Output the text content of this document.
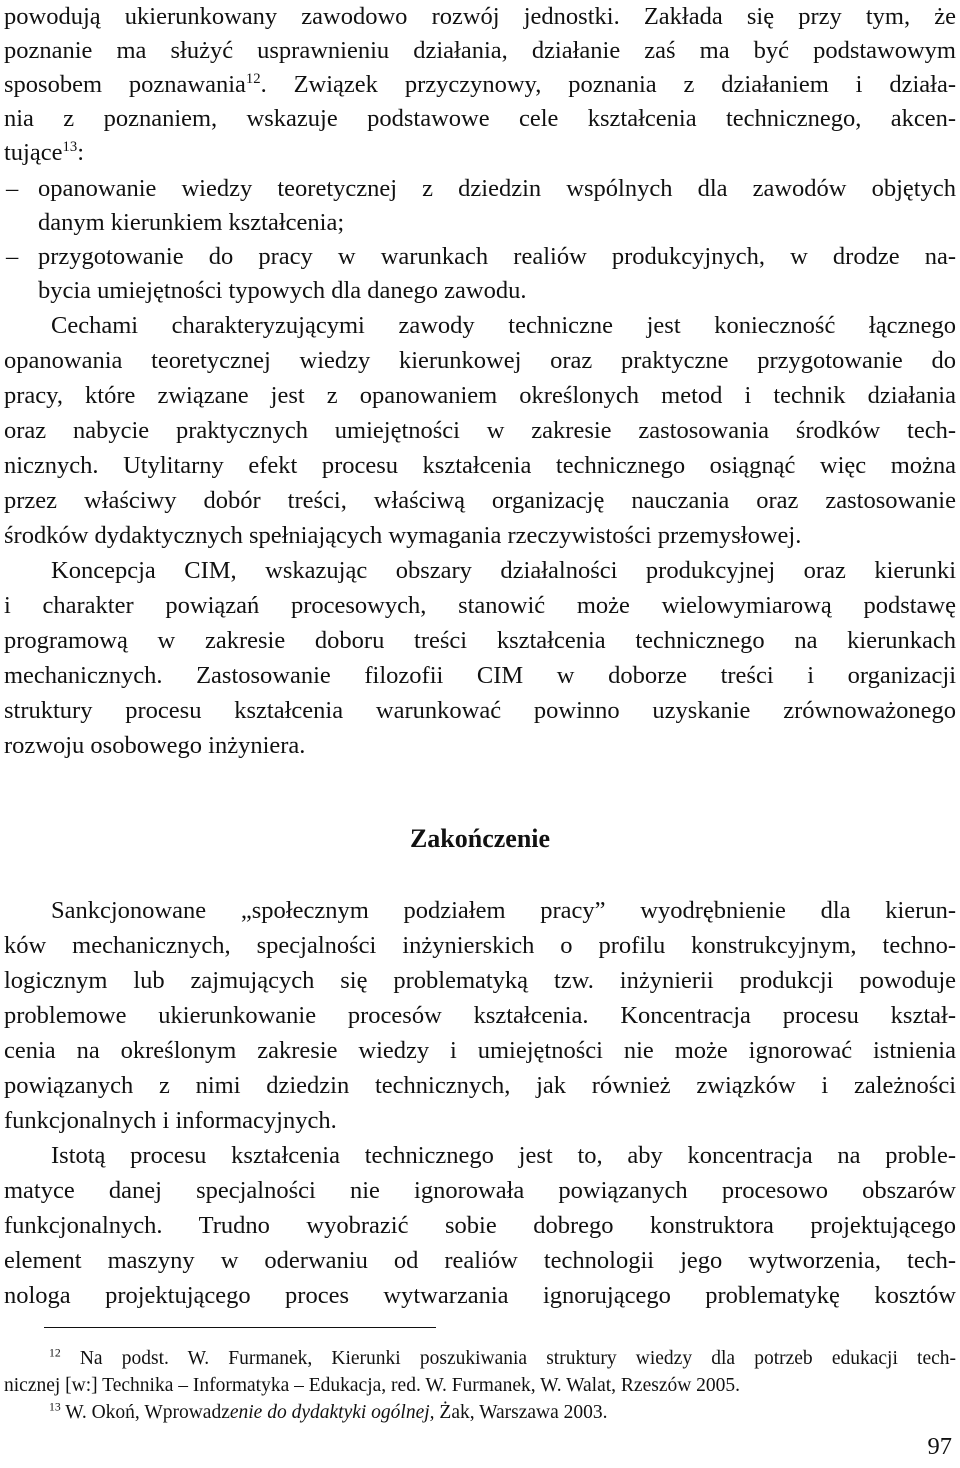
powodują ukierunkowany zawodowo rozwój jednostki. Zakłada się przy tym, że
poznanie ma służyć usprawnieniu działania, działanie zaś ma być podstawowym
sposobem poznawania$^{12}$. Związek przyczynowy, poznania z działaniem i działa-
nia z poznaniem, wskazuje podstawowe cele kształcenia technicznego, akcen-
tujące$^{13}$:
– opanowanie wiedzy teoretycznej z dziedzin wspólnych dla zawodów objętych
danym kierunkiem kształcenia;
– przygotowanie do pracy w warunkach realiów produkcyjnych, w drodze na-
bycia umiejętności typowych dla danego zawodu.
Cechami charakteryzującymi zawody techniczne jest konieczność łącznego
opanowania teoretycznej wiedzy kierunkowej oraz praktyczne przygotowanie do
pracy, które związane jest z opanowaniem określonych metod i technik działania
oraz nabycie praktycznych umiejętności w zakresie zastosowania środków tech-
nicznych. Utylitarny efekt procesu kształcenia technicznego osiągnąć więc można
przez właściwy dobór treści, właściwą organizację nauczania oraz zastosowanie
środków dydaktycznych spełniających wymagania rzeczywistości przemysłowej.
Koncepcja CIM, wskazując obszary działalności produkcyjnej oraz kierunki
i charakter powiązań procesowych, stanowić może wielowymiarową podstawę
programową w zakresie doboru treści kształcenia technicznego na kierunkach
mechanicznych. Zastosowanie filozofii CIM w doborze treści i organizacji
struktury procesu kształcenia warunkować powinno uzyskanie zrównoważonego
rozwoju osobowego inżyniera.
Zakończenie
Sankcjonowane „społecznym podziałem pracy” wyodrębnienie dla kierun-
ków mechanicznych, specjalności inżynierskich o profilu konstrukcyjnym, techno-
logicznym lub zajmujących się problematyką tzw. inżynierii produkcji powoduje
problemowe ukierunkowanie procesów kształcenia. Koncentracja procesu kształ-
cenia na określonym zakresie wiedzy i umiejętności nie może ignorować istnienia
powiązanych z nimi dziedzin technicznych, jak również związków i zależności
funkcjonalnych i informacyjnych.
Istotą procesu kształcenia technicznego jest to, aby koncentracja na proble-
matyce danej specjalności nie ignorowała powiązanych procesowo obszarów
funkcjonalnych. Trudno wyobrazić sobie dobrego konstruktora projektującego
element maszyny w oderwaniu od realiów technologii jego wytworzenia, tech-
nologa projektującego proces wytwarzania ignorującego problematykę kosztów
$^{12}$ Na podst. W. Furmanek, Kierunki poszukiwania struktury wiedzy dla potrzeb edukacji tech-
nicznej [w:] Technika – Informatyka – Edukacja, red. W. Furmanek, W. Walat, Rzeszów 2005.
$^{13}$ W. Okoń, Wprowadzenie do dydaktyki ogólnej, Żak, Warszawa 2003.
97
